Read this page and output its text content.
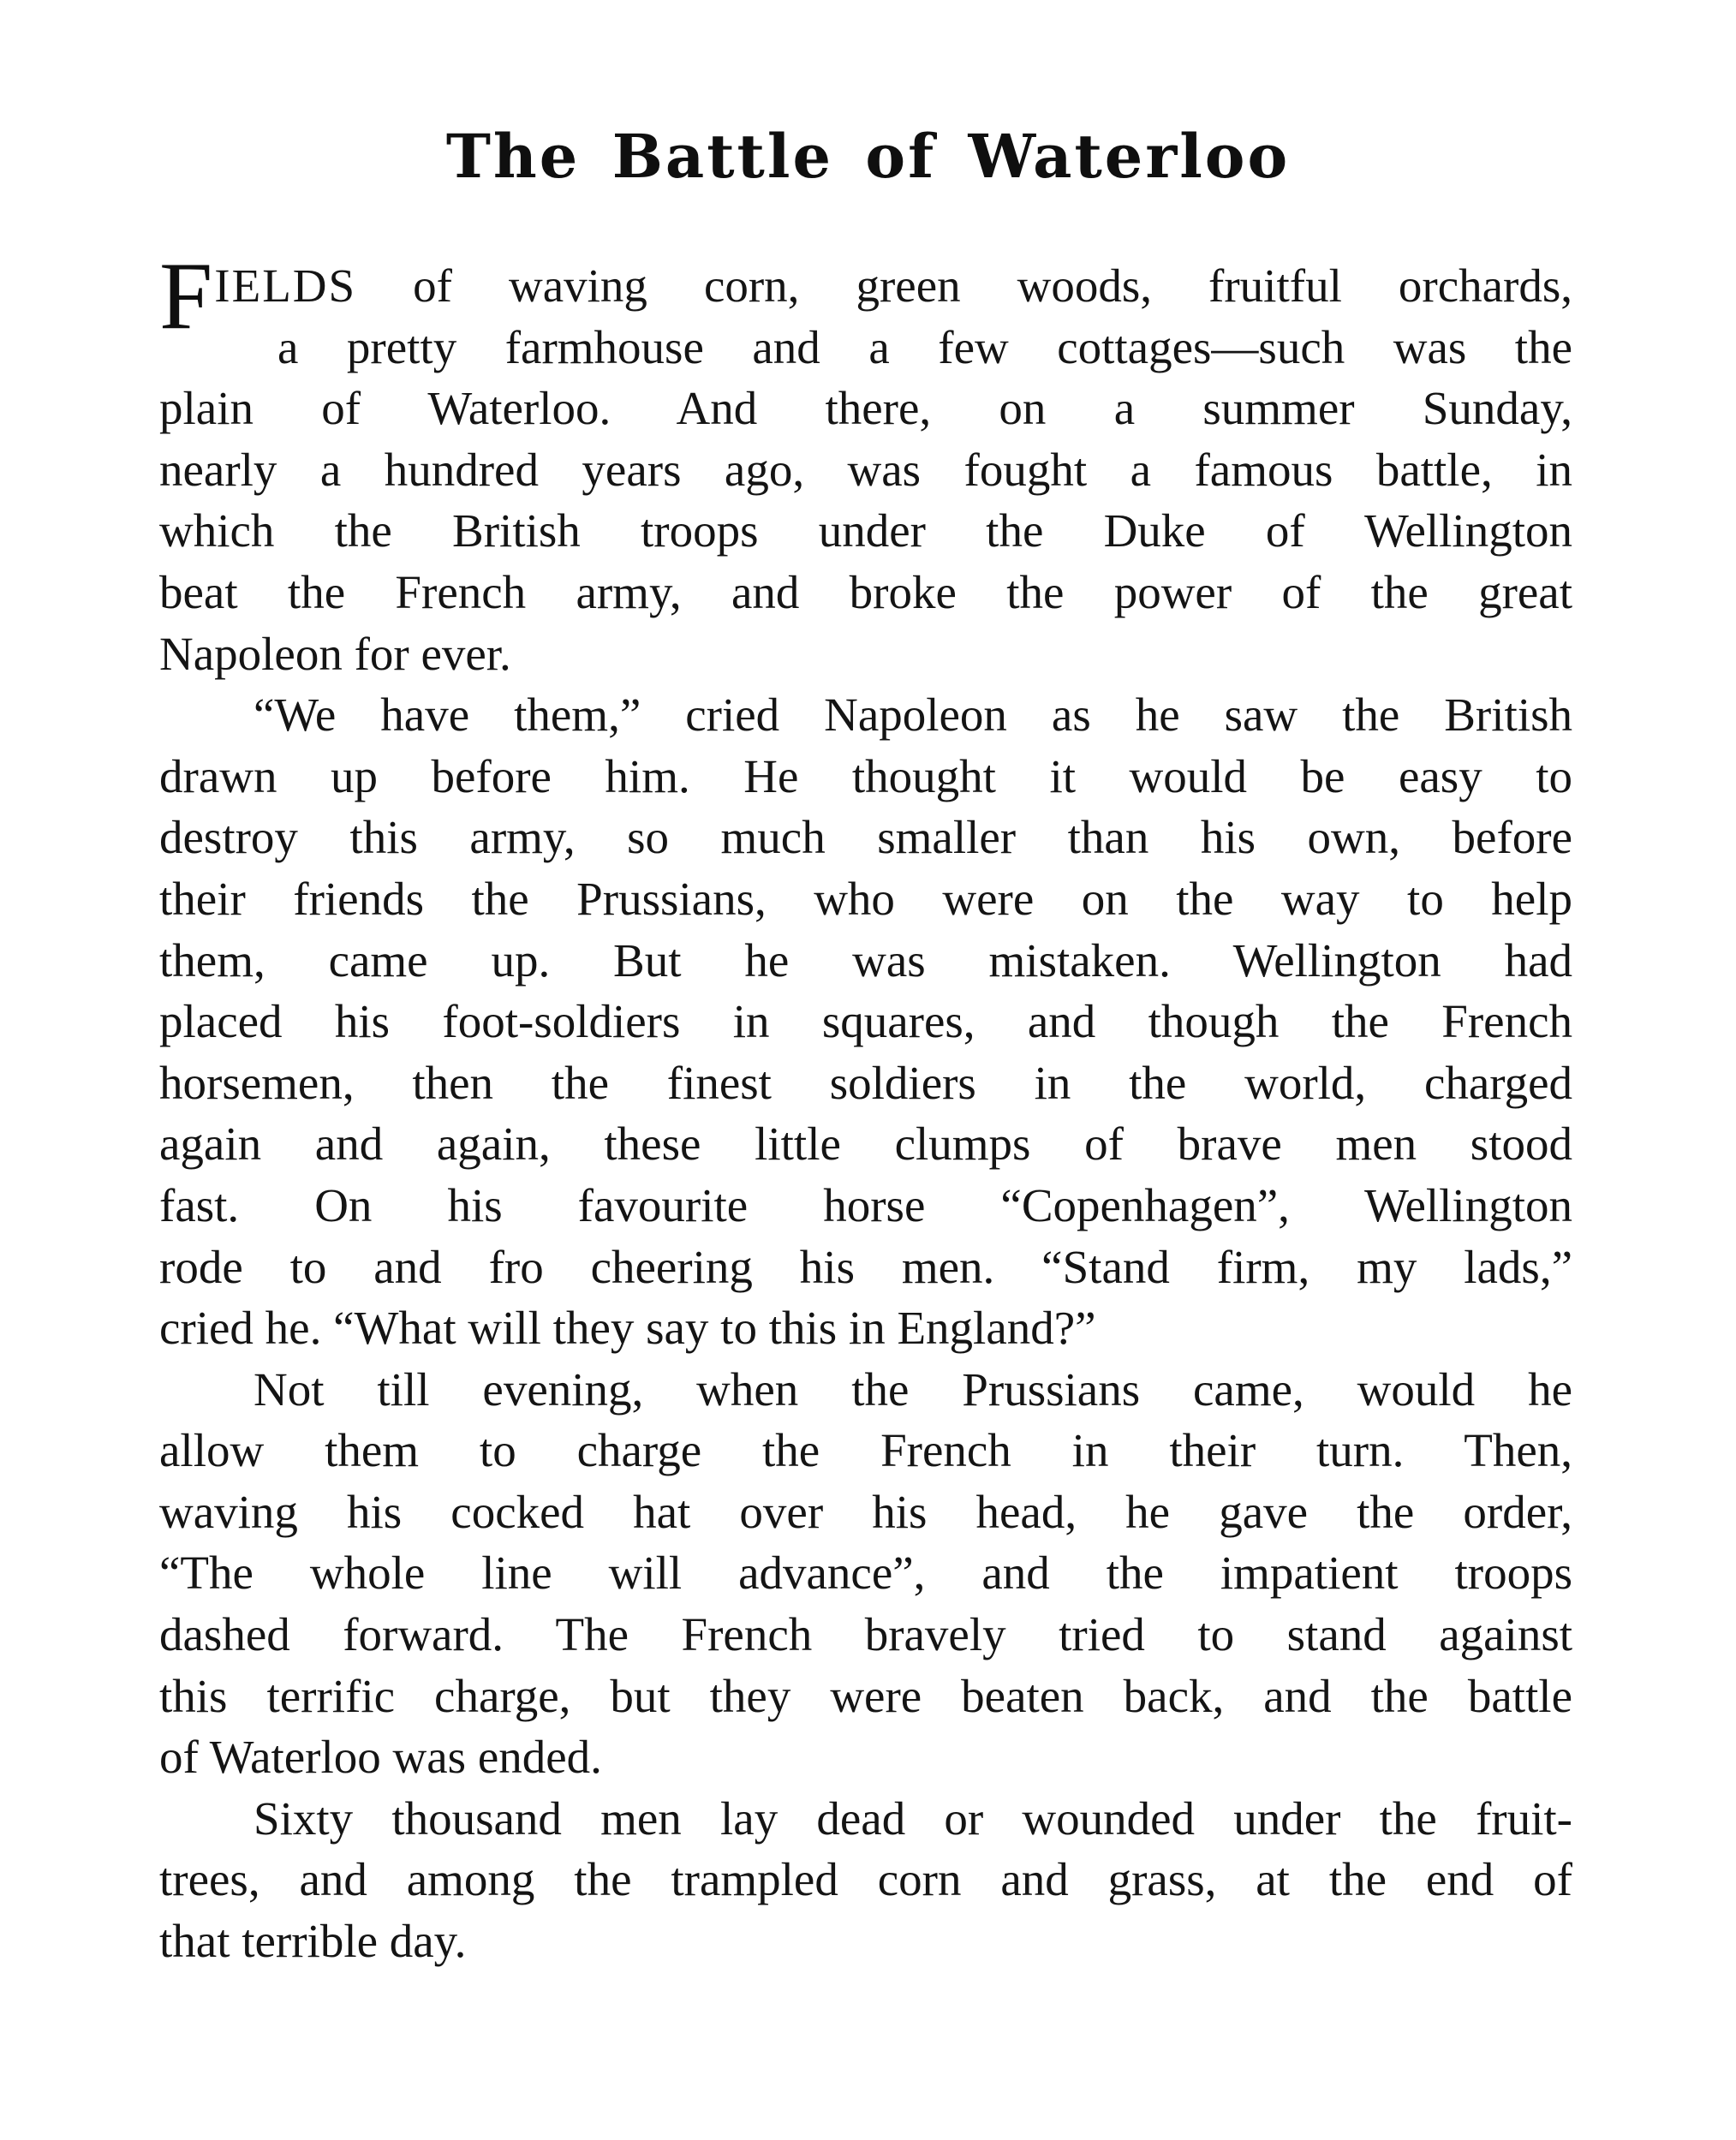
The Battle of Waterloo
FIELDS of waving corn, green woods, fruitful orchards,
a pretty farmhouse and a few cottages—such was the
plain of Waterloo. And there, on a summer Sunday,
nearly a hundred years ago, was fought a famous battle, in
which the British troops under the Duke of Wellington
beat the French army, and broke the power of the great
Napoleon for ever.
“We have them,” cried Napoleon as he saw the British
drawn up before him. He thought it would be easy to
destroy this army, so much smaller than his own, before
their friends the Prussians, who were on the way to help
them, came up. But he was mistaken. Wellington had
placed his foot-soldiers in squares, and though the French
horsemen, then the finest soldiers in the world, charged
again and again, these little clumps of brave men stood
fast. On his favourite horse “Copenhagen”, Wellington
rode to and fro cheering his men. “Stand firm, my lads,”
cried he. “What will they say to this in England?”
Not till evening, when the Prussians came, would he
allow them to charge the French in their turn. Then,
waving his cocked hat over his head, he gave the order,
“The whole line will advance”, and the impatient troops
dashed forward. The French bravely tried to stand against
this terrific charge, but they were beaten back, and the battle
of Waterloo was ended.
Sixty thousand men lay dead or wounded under the fruit-
trees, and among the trampled corn and grass, at the end of
that terrible day.
